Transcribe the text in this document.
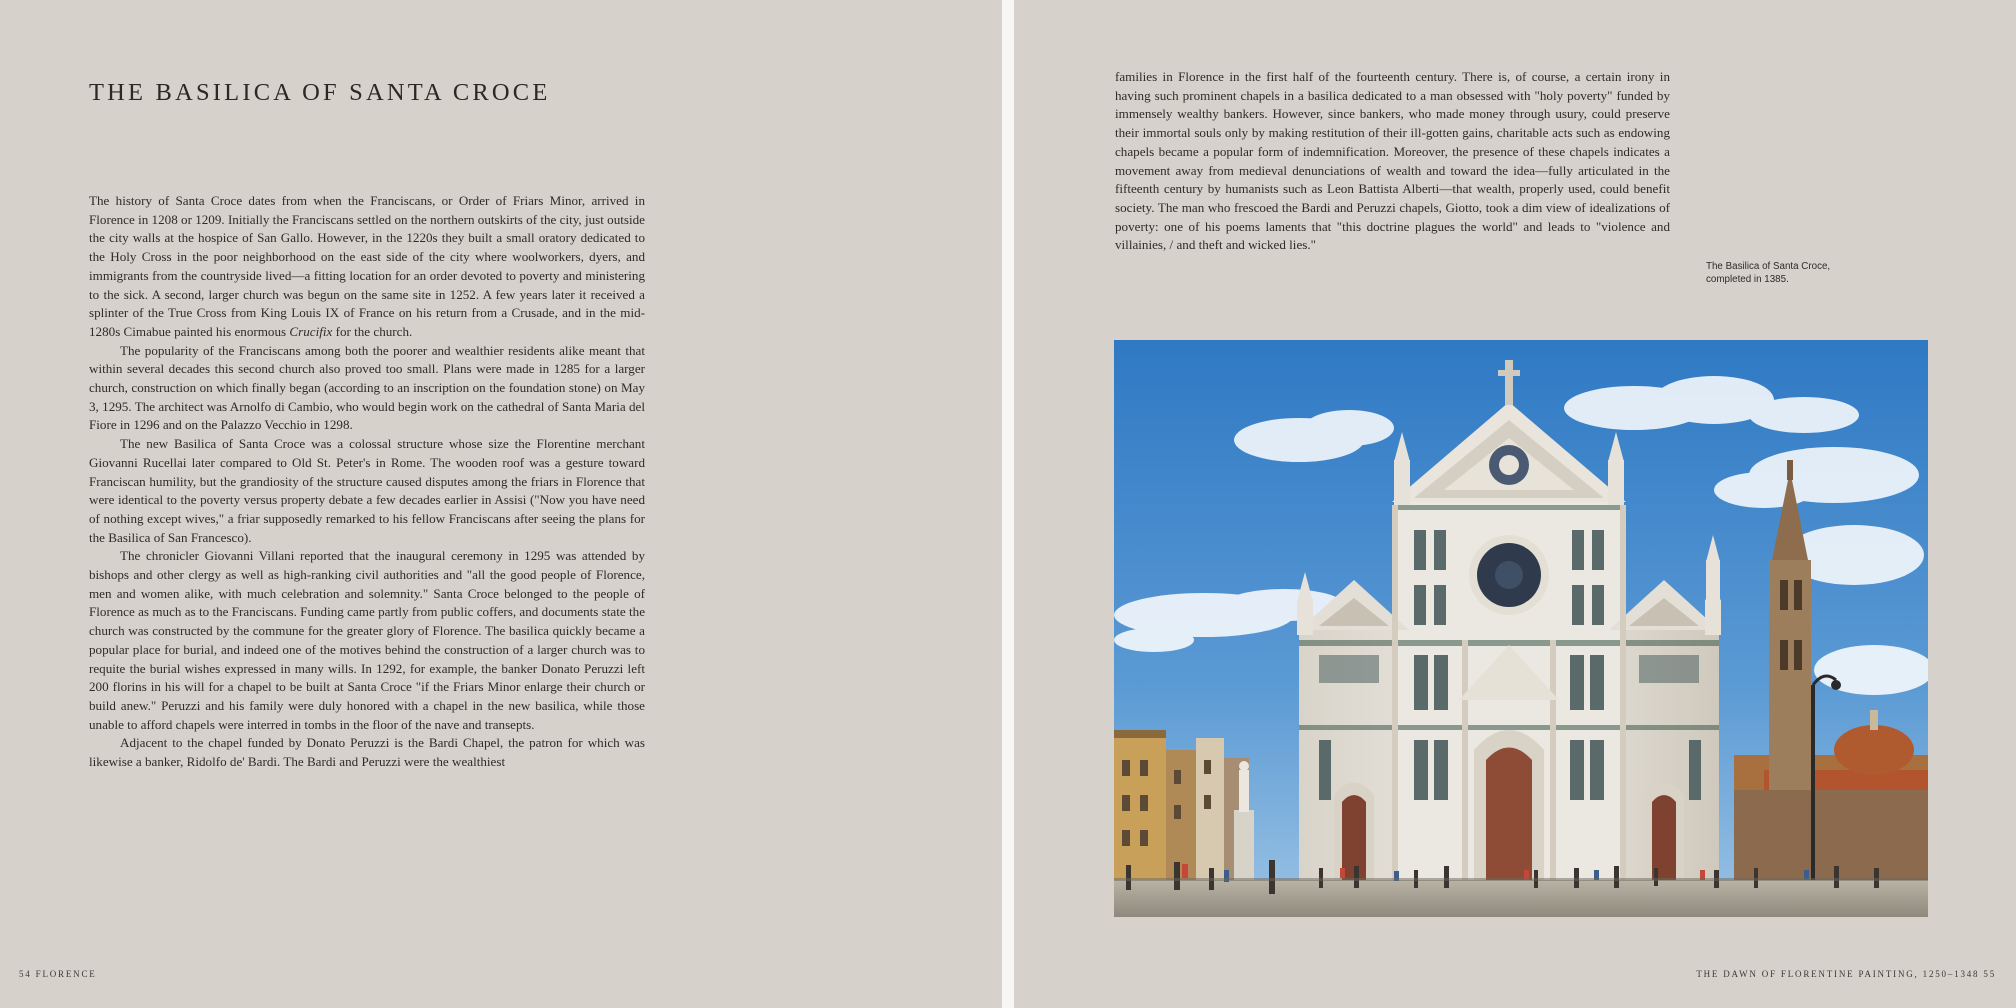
THE BASILICA OF SANTA CROCE

The history of Santa Croce dates from when the Franciscans, or Order of Friars Minor, arrived in Florence in 1208 or 1209. Initially the Franciscans settled on the northern outskirts of the city, just outside the city walls at the hospice of San Gallo. However, in the 1220s they built a small oratory dedicated to the Holy Cross in the poor neighborhood on the east side of the city where woolworkers, dyers, and immigrants from the countryside lived—a fitting location for an order devoted to poverty and ministering to the sick. A second, larger church was begun on the same site in 1252. A few years later it received a splinter of the True Cross from King Louis IX of France on his return from a Crusade, and in the mid-1280s Cimabue painted his enormous Crucifix for the church.

The popularity of the Franciscans among both the poorer and wealthier residents alike meant that within several decades this second church also proved too small. Plans were made in 1285 for a larger church, construction on which finally began (according to an inscription on the foundation stone) on May 3, 1295. The architect was Arnolfo di Cambio, who would begin work on the cathedral of Santa Maria del Fiore in 1296 and on the Palazzo Vecchio in 1298.

The new Basilica of Santa Croce was a colossal structure whose size the Florentine merchant Giovanni Rucellai later compared to Old St. Peter's in Rome. The wooden roof was a gesture toward Franciscan humility, but the grandiosity of the structure caused disputes among the friars in Florence that were identical to the poverty versus property debate a few decades earlier in Assisi ("Now you have need of nothing except wives," a friar supposedly remarked to his fellow Franciscans after seeing the plans for the Basilica of San Francesco).

The chronicler Giovanni Villani reported that the inaugural ceremony in 1295 was attended by bishops and other clergy as well as high-ranking civil authorities and "all the good people of Florence, men and women alike, with much celebration and solemnity." Santa Croce belonged to the people of Florence as much as to the Franciscans. Funding came partly from public coffers, and documents state the church was constructed by the commune for the greater glory of Florence. The basilica quickly became a popular place for burial, and indeed one of the motives behind the construction of a larger church was to requite the burial wishes expressed in many wills. In 1292, for example, the banker Donato Peruzzi left 200 florins in his will for a chapel to be built at Santa Croce "if the Friars Minor enlarge their church or build anew." Peruzzi and his family were duly honored with a chapel in the new basilica, while those unable to afford chapels were interred in tombs in the floor of the nave and transepts.

Adjacent to the chapel funded by Donato Peruzzi is the Bardi Chapel, the patron for which was likewise a banker, Ridolfo de' Bardi. The Bardi and Peruzzi were the wealthiest

54 FLORENCE	THE DAWN OF FLORENTINE PAINTING, 1250–1348 55

families in Florence in the first half of the fourteenth century. There is, of course, a certain irony in having such prominent chapels in a basilica dedicated to a man obsessed with "holy poverty" funded by immensely wealthy bankers. However, since bankers, who made money through usury, could preserve their immortal souls only by making restitution of their ill-gotten gains, charitable acts such as endowing chapels became a popular form of indemnification. Moreover, the presence of these chapels indicates a movement away from medieval denunciations of wealth and toward the idea—fully articulated in the fifteenth century by humanists such as Leon Battista Alberti—that wealth, properly used, could benefit society. The man who frescoed the Bardi and Peruzzi chapels, Giotto, took a dim view of idealizations of poverty: one of his poems laments that "this doctrine plagues the world" and leads to "violence and villainies, / and theft and wicked lies."

The Basilica of Santa Croce, completed in 1385.
